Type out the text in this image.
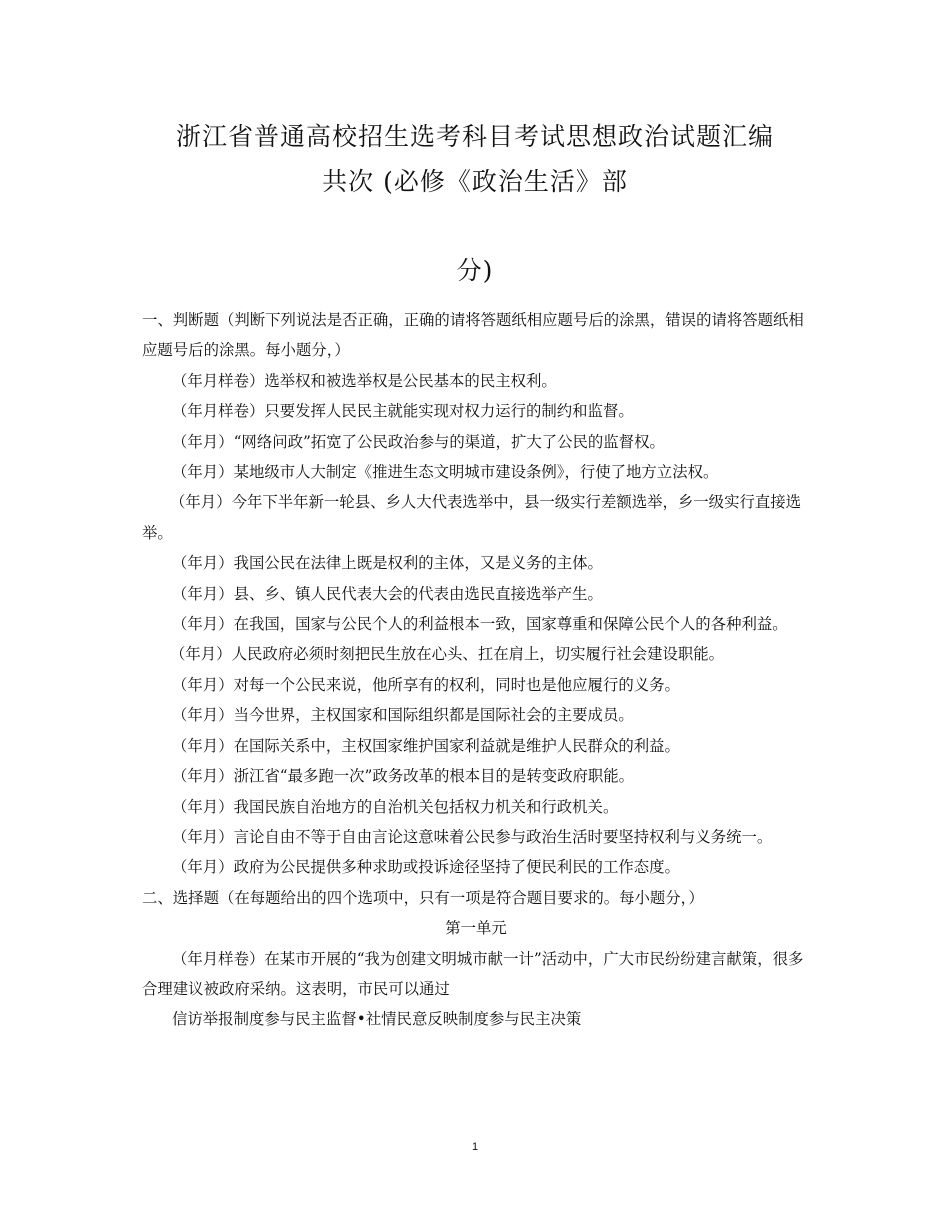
浙江省普通高校招生选考科目考试思想政治试题汇编
共次 (必修《政治生活》部
分)

一、判断题（判断下列说法是否正确，正确的请将答题纸相应题号后的涂黑，错误的请将答题纸相应题号后的涂黑。每小题分，）

（年月样卷）选举权和被选举权是公民基本的民主权利。

（年月样卷）只要发挥人民民主就能实现对权力运行的制约和监督。

（年月）“网络问政”拓宽了公民政治参与的渠道，扩大了公民的监督权。

（年月）某地级市人大制定《推进生态文明城市建设条例》，行使了地方立法权。

（年月）今年下半年新一轮县、乡人大代表选举中，县一级实行差额选举，乡一级实行直接选举。

（年月）我国公民在法律上既是权利的主体，又是义务的主体。

（年月）县、乡、镇人民代表大会的代表由选民直接选举产生。

（年月）在我国，国家与公民个人的利益根本一致，国家尊重和保障公民个人的各种利益。

（年月）人民政府必须时刻把民生放在心头、扛在肩上，切实履行社会建设职能。

（年月）对每一个公民来说，他所享有的权利，同时也是他应履行的义务。

（年月）当今世界，主权国家和国际组织都是国际社会的主要成员。

（年月）在国际关系中，主权国家维护国家利益就是维护人民群众的利益。

（年月）浙江省“最多跑一次”政务改革的根本目的是转变政府职能。

（年月）我国民族自治地方的自治机关包括权力机关和行政机关。

（年月）言论自由不等于自由言论这意味着公民参与政治生活时要坚持权利与义务统一。

（年月）政府为公民提供多种求助或投诉途径坚持了便民利民的工作态度。

二、选择题（在每题给出的四个选项中，只有一项是符合题目要求的。每小题分，）

第一单元

（年月样卷）在某市开展的“我为创建文明城市献一计”活动中，广大市民纷纷建言献策，很多合理建议被政府采纳。这表明，市民可以通过

信访举报制度参与民主监督•社情民意反映制度参与民主决策

1
